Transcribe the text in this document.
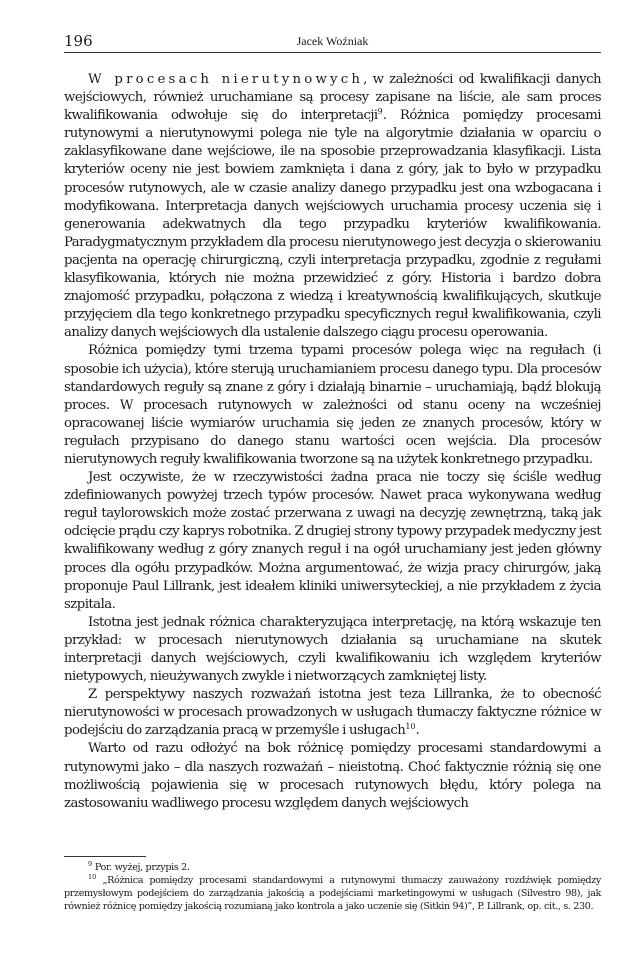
196	Jacek Woźniak

W procesach nierutynowych, w zależności od kwalifikacji danych wejściowych, również uruchamiane są procesy zapisane na liście, ale sam proces kwalifikowania odwołuje się do interpretacji$^9$. Różnica pomiędzy procesami rutynowymi a nierutynowymi polega nie tyle na algorytmie działania w oparciu o zaklasyfikowane dane wejściowe, ile na sposobie przeprowadzania klasyfikacji. Lista kryteriów oceny nie jest bowiem zamknięta i dana z góry, jak to było w przypadku procesów rutynowych, ale w czasie analizy danego przypadku jest ona wzbogacana i modyfikowana. Interpretacja danych wejściowych uruchamia procesy uczenia się i generowania adekwatnych dla tego przypadku kryteriów kwalifikowania. Paradygmatycznym przykładem dla procesu nierutynowego jest decyzja o skierowaniu pacjenta na operację chirurgiczną, czyli interpretacja przypadku, zgodnie z regułami klasyfikowania, których nie można przewidzieć z góry. Historia i bardzo dobra znajomość przypadku, połączona z wiedzą i kreatywnością kwalifikujących, skutkuje przyjęciem dla tego konkretnego przypadku specyficznych reguł kwalifikowania, czyli analizy danych wejściowych dla ustalenie dalszego ciągu procesu operowania.

Różnica pomiędzy tymi trzema typami procesów polega więc na regułach (i sposobie ich użycia), które sterują uruchamianiem procesu danego typu. Dla procesów standardowych reguły są znane z góry i działają binarnie – uruchamiają, bądź blokują proces. W procesach rutynowych w zależności od stanu oceny na wcześniej opracowanej liście wymiarów uruchamia się jeden ze znanych procesów, który w regułach przypisano do danego stanu wartości ocen wejścia. Dla procesów nierutynowych reguły kwalifikowania tworzone są na użytek konkretnego przypadku.

Jest oczywiste, że w rzeczywistości żadna praca nie toczy się ściśle według zdefiniowanych powyżej trzech typów procesów. Nawet praca wykonywana według reguł taylorowskich może zostać przerwana z uwagi na decyzję zewnętrzną, taką jak odcięcie prądu czy kaprys robotnika. Z drugiej strony typowy przypadek medyczny jest kwalifikowany według z góry znanych reguł i na ogół uruchamiany jest jeden główny proces dla ogółu przypadków. Można argumentować, że wizja pracy chirurgów, jaką proponuje Paul Lillrank, jest ideałem kliniki uniwersyteckiej, a nie przykładem z życia szpitala.

Istotna jest jednak różnica charakteryzująca interpretację, na którą wskazuje ten przykład: w procesach nierutynowych działania są uruchamiane na skutek interpretacji danych wejściowych, czyli kwalifikowaniu ich względem kryteriów nietypowych, nieużywanych zwykle i nietworzących zamkniętej listy.

Z perspektywy naszych rozważań istotna jest teza Lillranka, że to obecność nierutynowości w procesach prowadzonych w usługach tłumaczy faktyczne różnice w podejściu do zarządzania pracą w przemyśle i usługach$^{10}$.

Warto od razu odłożyć na bok różnicę pomiędzy procesami standardowymi a rutynowymi jako – dla naszych rozważań – nieistotną. Choć faktycznie różnią się one możliwością pojawienia się w procesach rutynowych błędu, który polega na zastosowaniu wadliwego procesu względem danych wejściowych

$^9$ Por. wyżej, przypis 2.

$^{10}$ „Różnica pomiędzy procesami standardowymi a rutynowymi tłumaczy zauważony rozdźwięk pomiędzy przemysłowym podejściem do zarządzania jakością a podejściami marketingowymi w usługach (Silvestro 98), jak również różnicę pomiędzy jakością rozumianą jako kontrola a jako uczenie się (Sitkin 94)”, P. Lillrank, op. cit., s. 230.
